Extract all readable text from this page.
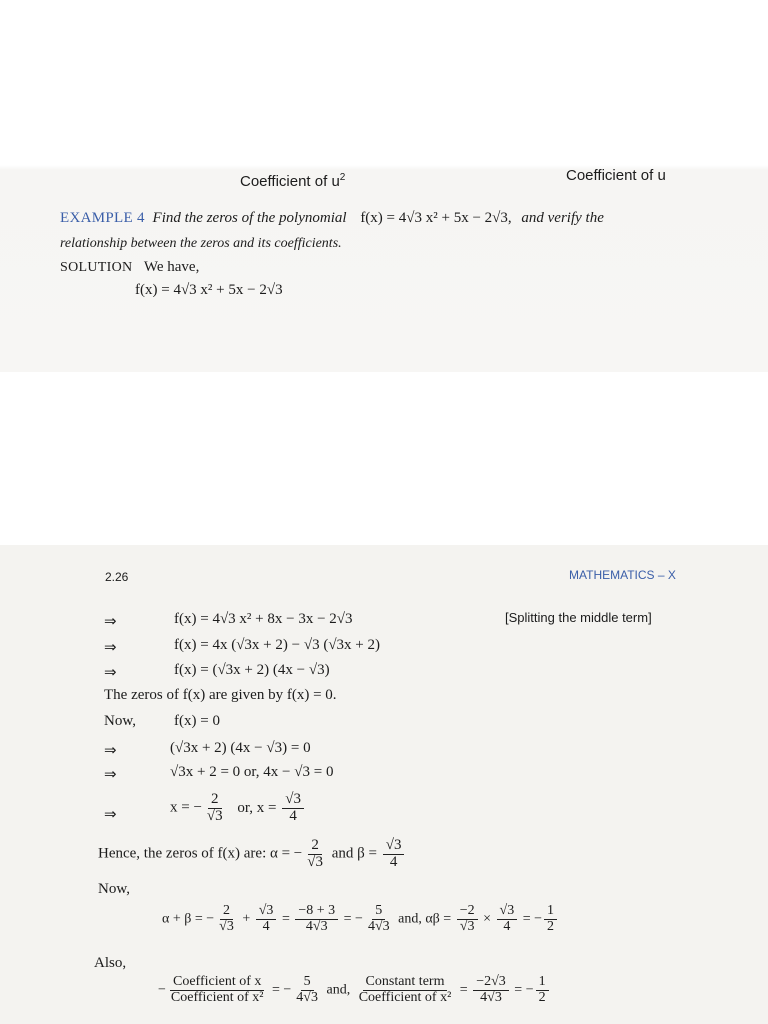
Coefficient of $u^2$	Coefficient of u
EXAMPLE 4 Find the zeros of the polynomial f(x) = 4√3 x² + 5x − 2√3, and verify the
relationship between the zeros and its coefficients.
SOLUTION We have,
f(x) = 4√3 x² + 5x − 2√3
2.26	MATHEMATICS – X
⇒	f(x) = 4√3 x² + 8x − 3x − 2√3	[Splitting the middle term]
⇒	f(x) = 4x (√3x + 2) − √3 (√3x + 2)
⇒	f(x) = (√3x + 2) (4x − √3)
The zeros of f(x) are given by f(x) = 0.
Now,	f(x) = 0
⇒	(√3x + 2) (4x − √3) = 0
⇒	√3x + 2 = 0 or, 4x − √3 = 0
⇒	x = − $\frac{2}{√3}$ or, $x = \frac{√3}{4}$
Hence, the zeros of f(x) are: α = − $\frac{2}{√3}$ and $\beta = \frac{√3}{4}$
Now,
α + β = − $\frac{2}{√3} + \frac{√3}{4} = \frac{-8 + 3}{4√3}$ = − $\frac{5}{4√3}$ and, $\alpha\beta = \frac{-2}{√3} \times \frac{√3}{4}$ = − $\frac{1}{2}$
Also,
− $\frac{\text{Coefficient of x}}{\text{Coefficient of x²}}$ = − $\frac{5}{4√3}$ and, $\frac{\text{Constant term}}{\text{Coefficient of x²}} = \frac{-2√3}{4√3}$ = − $\frac{1}{2}$
